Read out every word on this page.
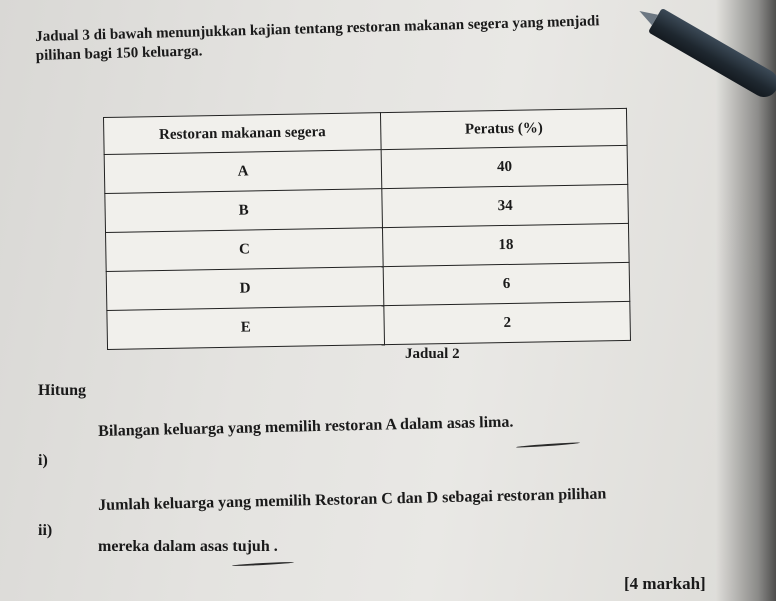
Jadual 3 di bawah menunjukkan kajian tentang restoran makanan segera yang menjadi
pilihan bagi 150 keluarga.
Restoran makanan segera	Peratus (%)
A	40
B	34
C	18
D	6
E	2
Jadual 2
Hitung
i)
Bilangan keluarga yang memilih restoran A dalam asas lima.
ii)
Jumlah keluarga yang memilih Restoran C dan D sebagai restoran pilihan
mereka dalam asas tujuh .
[4 markah]
